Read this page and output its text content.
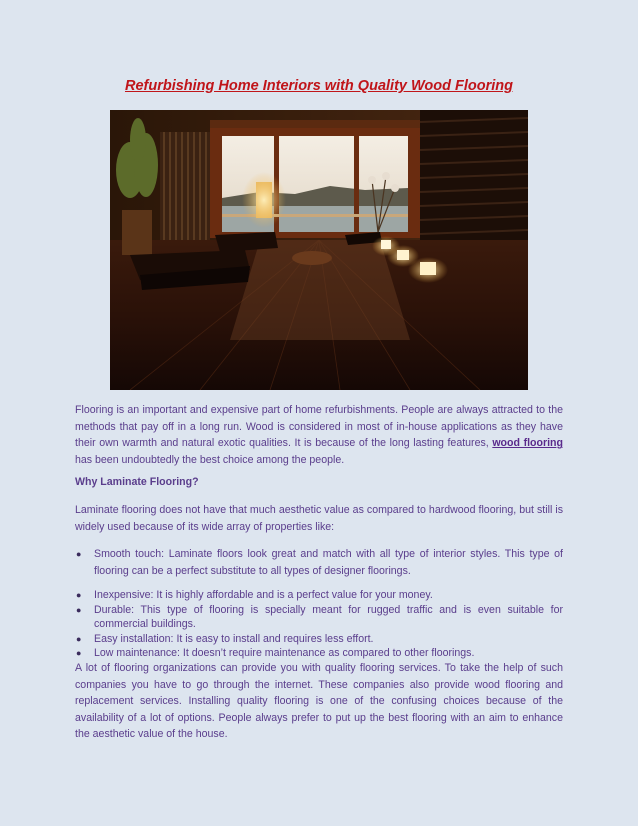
Refurbishing Home Interiors with Quality Wood Flooring

Flooring is an important and expensive part of home refurbishments. People are always attracted to the methods that pay off in a long run. Wood is considered in most of in-house applications as they have their own warmth and natural exotic qualities. It is because of the long lasting features, wood flooring has been undoubtedly the best choice among the people.

Why Laminate Flooring?

Laminate flooring does not have that much aesthetic value as compared to hardwood flooring, but still is widely used because of its wide array of properties like:

● Smooth touch: Laminate floors look great and match with all type of interior styles. This type of flooring can be a perfect substitute to all types of designer floorings.
● Inexpensive: It is highly affordable and is a perfect value for your money.
● Durable: This type of flooring is specially meant for rugged traffic and is even suitable for commercial buildings.
● Easy installation: It is easy to install and requires less effort.
● Low maintenance: It doesn’t require maintenance as compared to other floorings.

A lot of flooring organizations can provide you with quality flooring services. To take the help of such companies you have to go through the internet. These companies also provide wood flooring and replacement services. Installing quality flooring is one of the confusing choices because of the availability of a lot of options. People always prefer to put up the best flooring with an aim to enhance the aesthetic value of the house.
